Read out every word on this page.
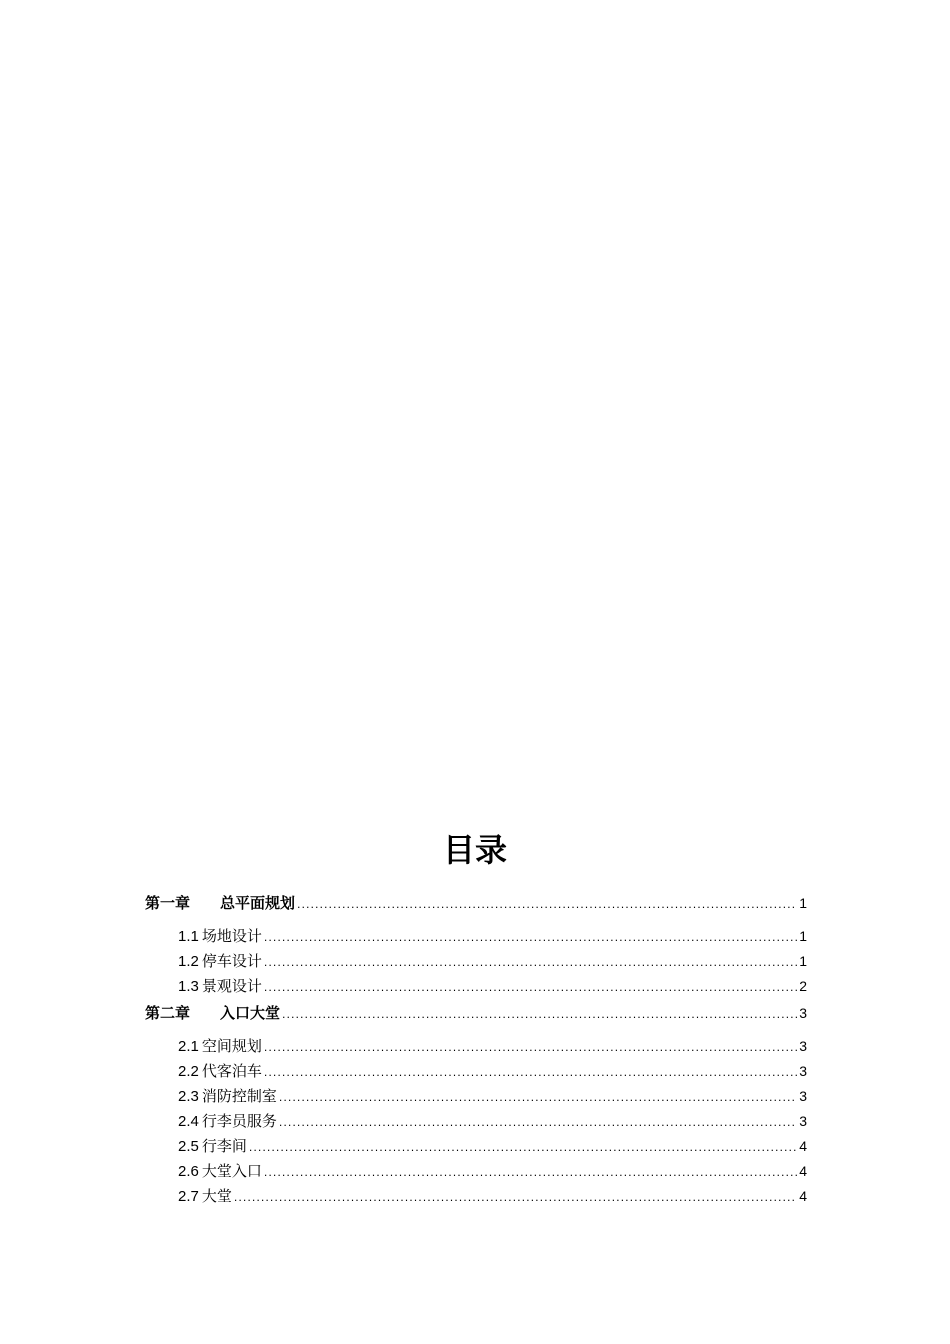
目录
第一章	总平面规划 .....	1
1.1 场地设计 .....	1
1.2 停车设计 .....	1
1.3 景观设计 .....	2
第二章	入口大堂 .....	3
2.1 空间规划 .....	3
2.2 代客泊车 .....	3
2.3 消防控制室 .....	3
2.4 行李员服务 .....	3
2.5 行李间 .....	4
2.6 大堂入口 .....	4
2.7 大堂 .....	4
